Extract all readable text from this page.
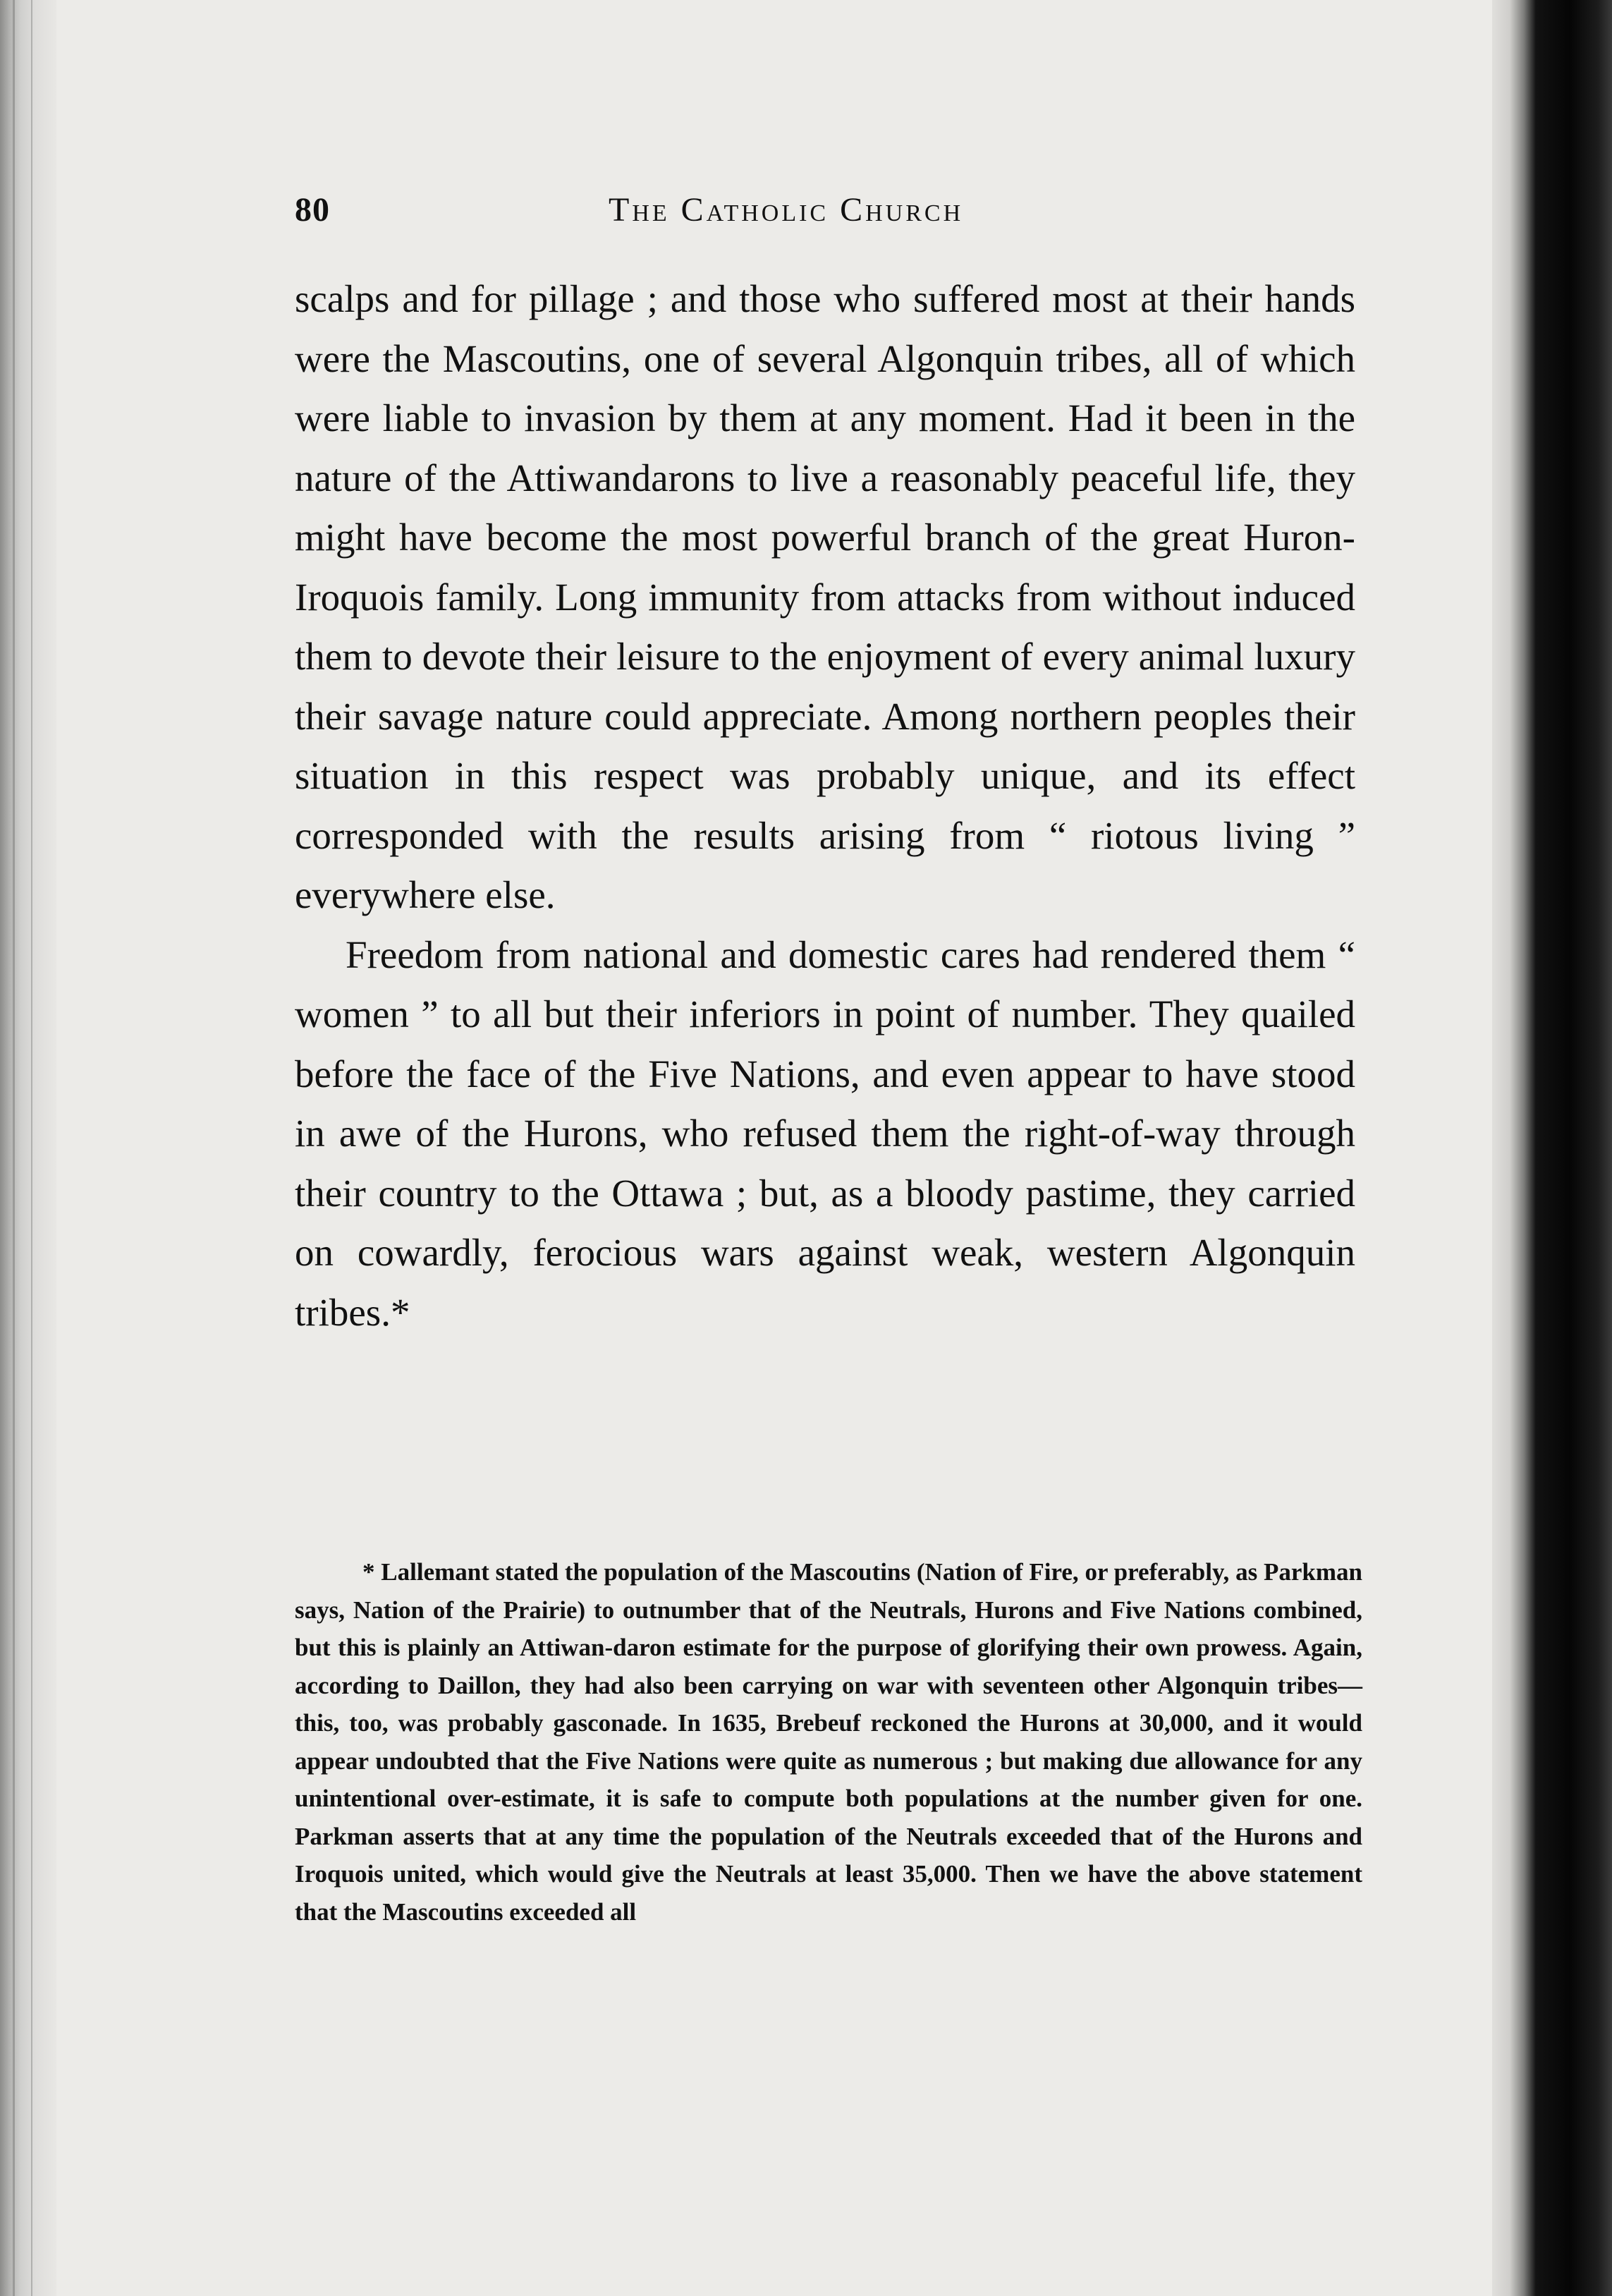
80	The Catholic Church

scalps and for pillage ; and those who suffered most at their hands were the Mascoutins, one of several Algonquin tribes, all of which were liable to invasion by them at any moment. Had it been in the nature of the Attiwandarons to live a reasonably peaceful life, they might have become the most powerful branch of the great Huron-Iroquois family. Long immunity from attacks from without induced them to devote their leisure to the enjoyment of every animal luxury their savage nature could appreciate. Among northern peoples their situation in this respect was probably unique, and its effect corresponded with the results arising from “ riotous living ” everywhere else.

Freedom from national and domestic cares had rendered them “ women ” to all but their inferiors in point of number. They quailed before the face of the Five Nations, and even appear to have stood in awe of the Hurons, who refused them the right-of-way through their country to the Ottawa ; but, as a bloody pastime, they carried on cowardly, ferocious wars against weak, western Algonquin tribes.*

* Lallemant stated the population of the Mascoutins (Nation of Fire, or preferably, as Parkman says, Nation of the Prairie) to outnumber that of the Neutrals, Hurons and Five Nations combined, but this is plainly an Attiwan-daron estimate for the purpose of glorifying their own prowess. Again, according to Daillon, they had also been carrying on war with seventeen other Algonquin tribes—this, too, was probably gasconade. In 1635, Brebeuf reckoned the Hurons at 30,000, and it would appear undoubted that the Five Nations were quite as numerous ; but making due allowance for any unintentional over-estimate, it is safe to compute both populations at the number given for one. Parkman asserts that at any time the population of the Neutrals exceeded that of the Hurons and Iroquois united, which would give the Neutrals at least 35,000. Then we have the above statement that the Mascoutins exceeded all
